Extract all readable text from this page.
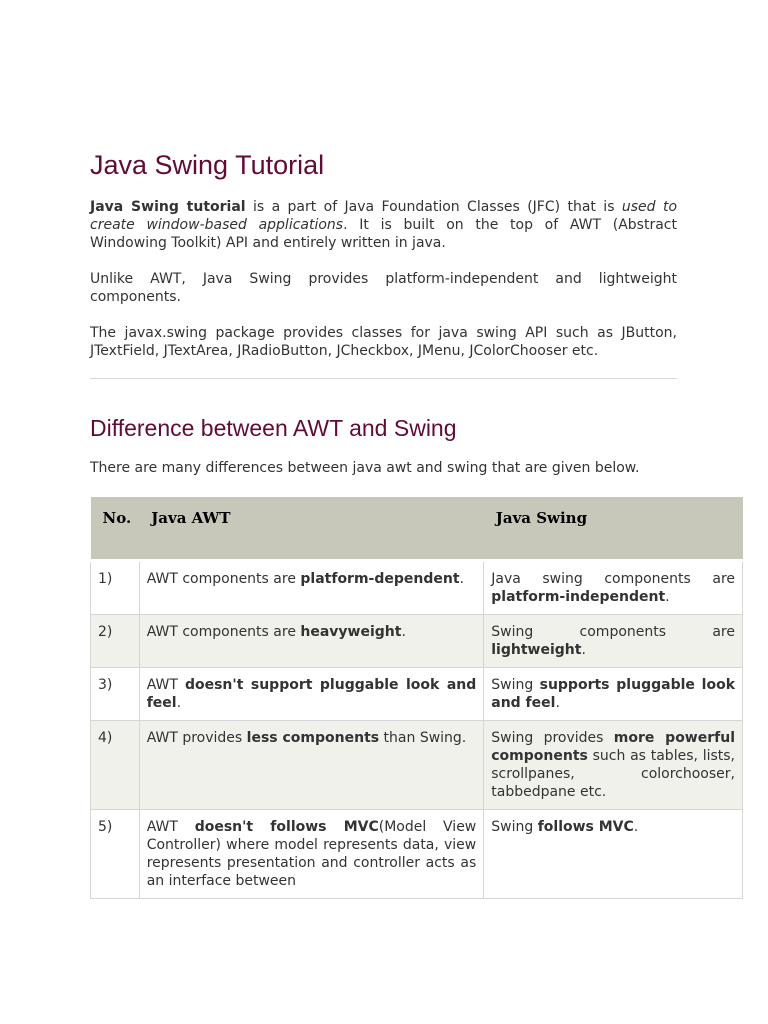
Java Swing Tutorial

Java Swing tutorial is a part of Java Foundation Classes (JFC) that is used to create window-based applications. It is built on the top of AWT (Abstract Windowing Toolkit) API and entirely written in java.

Unlike AWT, Java Swing provides platform-independent and lightweight components.

The javax.swing package provides classes for java swing API such as JButton, JTextField, JTextArea, JRadioButton, JCheckbox, JMenu, JColorChooser etc.

Difference between AWT and Swing

There are many differences between java awt and swing that are given below.

No.	Java AWT	Java Swing
1)	AWT components are platform-dependent.	Java swing components are platform-independent.
2)	AWT components are heavyweight.	Swing components are lightweight.
3)	AWT doesn't support pluggable look and feel.	Swing supports pluggable look and feel.
4)	AWT provides less components than Swing.	Swing provides more powerful components such as tables, lists, scrollpanes, colorchooser, tabbedpane etc.
5)	AWT doesn't follows MVC(Model View Controller) where model represents data, view represents presentation and controller acts as an interface between	Swing follows MVC.
